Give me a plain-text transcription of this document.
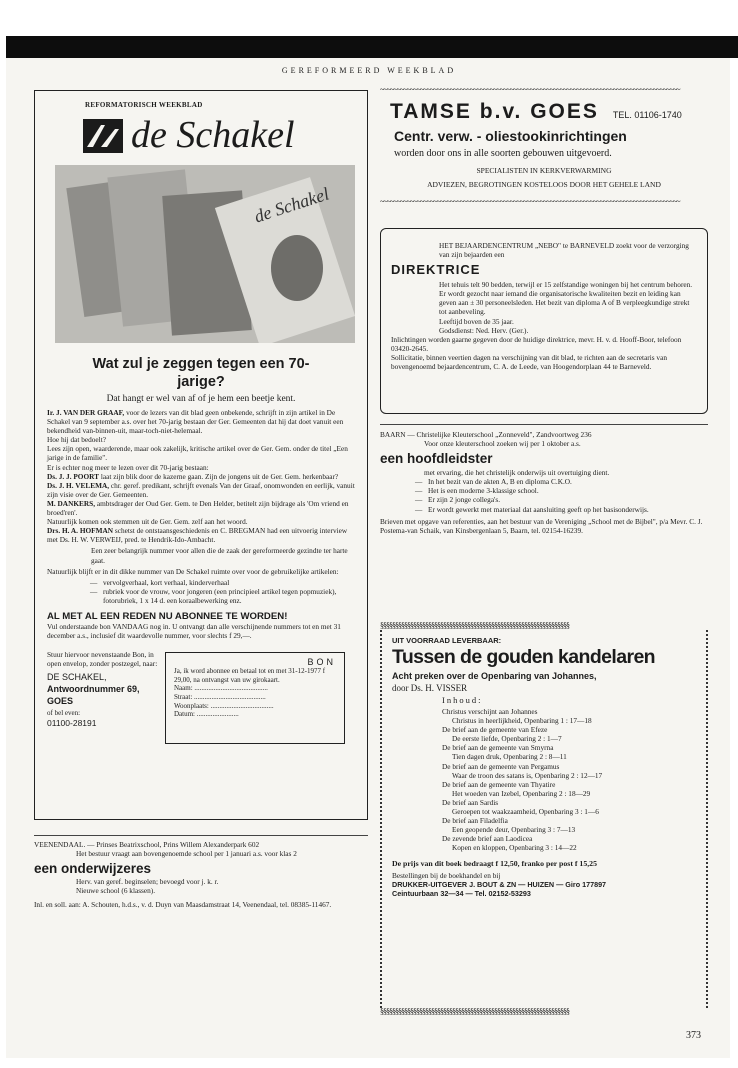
GEREFORMEERD WEEKBLAD

REFORMATORISCH WEEKBLAD

de Schakel
de Schakel

Wat zul je zeggen tegen een 70-jarige?

Dat hangt er wel van af of je hem een beetje kent.

Ir. J. VAN DER GRAAF, voor de lezers van dit blad geen onbekende, schrijft in zijn artikel in De Schakel van 9 september a.s. over het 70-jarig bestaan der Ger. Gemeenten dat hij dat doet vanuit een bekendheid van-binnen-uit, maar-toch-niet-helemaal.

Hoe hij dat bedoelt?

Lees zijn open, waarderende, maar ook zakelijk, kritische artikel over de Ger. Gem. onder de titel „Een jarige in de familie".

Er is echter nog meer te lezen over dit 70-jarig bestaan:

Ds. J. J. POORT laat zijn blik door de kazerne gaan. Zijn de jongens uit de Ger. Gem. herkenbaar?

Ds. J. H. VELEMA, chr. geref. predikant, schrijft evenals Van der Graaf, onomwonden en eerlijk, vanuit zijn visie over de Ger. Gemeenten.

M. DANKERS, ambtsdrager der Oud Ger. Gem. te Den Helder, betitelt zijn bijdrage als 'Om vriend en broed'ren'.

Natuurlijk komen ook stemmen uit de Ger. Gem. zelf aan het woord.

Drs. H. A. HOFMAN schetst de ontstaansgeschiedenis en C. BREGMAN had een uitvoerig interview met Ds. H. W. VERWEIJ, pred. te Hendrik-Ido-Ambacht.

Een zeer belangrijk nummer voor allen die de zaak der gereformeerde gezindte ter harte gaat.

Natuurlijk blijft er in dit dikke nummer van De Schakel ruimte over voor de gebruikelijke artikelen:

— vervolgverhaal, kort verhaal, kinderverhaal
— rubriek voor de vrouw, voor jongeren (een principieel artikel tegen popmuziek), fotorubriek, 1 x 14 d. een koraalbewerking enz.

AL MET AL EEN REDEN NU ABONNEE TE WORDEN!

Vul onderstaande bon VANDAAG nog in. U ontvangt dan alle verschijnende nummers tot en met 31 december a.s., inclusief dit waardevolle nummer, voor slechts f 29,—.

Stuur hiervoor nevenstaande Bon, in open envelop, zonder postzegel, naar:

DE SCHAKEL,

Antwoordnummer 69,

GOES

of bel even:

01100-28191

BON

Ja, ik word abonnee en betaal tot en met 31-12-1977 f 29,00, na ontvangst van uw girokaart.

Naam: ..........................................

Straat: .........................................

Woonplaats: ....................................

Datum: ........................

VEENENDAAL. — Prinses Beatrixschool, Prins Willem Alexanderpark 602

Het bestuur vraagt aan bovengenoemde school per 1 januari a.s. voor klas 2

een onderwijzeres

Herv. van geref. beginselen; bevoegd voor j. k. r.

Nieuwe school (6 klassen).

Inl. en soll. aan: A. Schouten, h.d.s., v. d. Duyn van Maasdamstraat 14, Veenendaal, tel. 08385-11467.

~~~~~~~~~~~~~~~~~~~~~~~~~~~~~~~~~~~~~~~~~~~~~~~~~~~~~~~~~~~~~~~~~~~~~~~~~~~~~~~~~~~~~~~~~~
~~~~~~~~~~~~~~~~~~~~~~~~~~~~~~~~~~~~~~~~~~~~~~~~~~~~~~~~~~~~~~~~~~~~~~~~~~~~~~~~~~~~~~~~~~
TAMSE b.v. GOES TEL. 01106-1740

Centr. verw. - oliestookinrichtingen

worden door ons in alle soorten gebouwen uitgevoerd.

SPECIALISTEN IN KERKVERWARMING

ADVIEZEN, BEGROTINGEN KOSTELOOS DOOR HET GEHELE LAND

HET BEJAARDENCENTRUM „NEBO" te BARNEVELD zoekt voor de verzorging van zijn bejaarden een

DIREKTRICE

Het tehuis telt 90 bedden, terwijl er 15 zelfstandige woningen bij het centrum behoren.

Er wordt gezocht naar iemand die organisatorische kwaliteiten bezit en leiding kan geven aan ± 30 personeelsleden. Het bezit van diploma A of B verpleegkundige strekt tot aanbeveling.

Leeftijd boven de 35 jaar.

Godsdienst: Ned. Herv. (Ger.).

Inlichtingen worden gaarne gegeven door de huidige direktrice, mevr. H. v. d. Hooff-Boor, telefoon 03420-2645.

Sollicitatie, binnen veertien dagen na verschijning van dit blad, te richten aan de secretaris van bovengenoemd bejaardencentrum, C. A. de Leede, van Hoogendorplaan 44 te Barneveld.

BAARN — Christelijke Kleuterschool „Zonneveld", Zandvoortweg 236

Voor onze kleuterschool zoeken wij per 1 oktober a.s.

een hoofdleidster

met ervaring, die het christelijk onderwijs uit overtuiging dient.

— In het bezit van de akten A, B en diploma C.K.O.
— Het is een moderne 3-klassige school.
— Er zijn 2 jonge collega's.
— Er wordt gewerkt met materiaal dat aansluiting geeft op het basisonderwijs.

Brieven met opgave van referenties, aan het bestuur van de Vereniging „School met de Bijbel", p/a Mevr. C. J. Postema-van Schaik, van Kinsbergenlaan 5, Baarn, tel. 02154-16239.

§§§§§§§§§§§§§§§§§§§§§§§§§§§§§§§§§§§§§§§§§§§§§§§§§§§§§§§§§§§§§§§
§§§§§§§§§§§§§§§§§§§§§§§§§§§§§§§§§§§§§§§§§§§§§§§§§§§§§§§§§§§§§§§

UIT VOORRAAD LEVERBAAR:

Tussen de gouden kandelaren

Acht preken over de Openbaring van Johannes,

door Ds. H. VISSER

Inhoud:

Christus verschijnt aan Johannes

Christus in heerlijkheid, Openbaring 1 : 17—18

De brief aan de gemeente van Efeze

De eerste liefde, Openbaring 2 : 1—7

De brief aan de gemeente van Smyrna

Tien dagen druk, Openbaring 2 : 8—11

De brief aan de gemeente van Pergamus

Waar de troon des satans is, Openbaring 2 : 12—17

De brief aan de gemeente van Thyatire

Het woeden van Izebel, Openbaring 2 : 18—29

De brief aan Sardis

Geroepen tot waakzaamheid, Openbaring 3 : 1—6

De brief aan Filadelfia

Een geopende deur, Openbaring 3 : 7—13

De zevende brief aan Laodicea

Kopen en kloppen, Openbaring 3 : 14—22

De prijs van dit boek bedraagt f 12,50, franko per post f 15,25

Bestellingen bij de boekhandel en bij

DRUKKER-UITGEVER J. BOUT & ZN — HUIZEN — Giro 177897

Ceintuurbaan 32—34 — Tel. 02152-53293

373
